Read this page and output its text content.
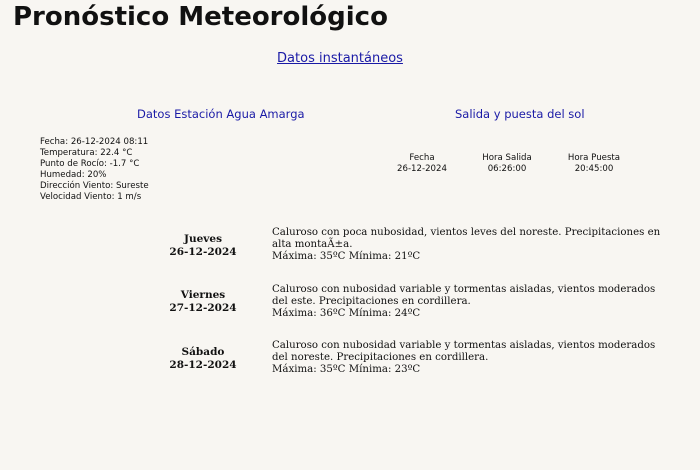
Pronóstico Meteorológico
Datos instantáneos
Datos Estación Agua Amarga	Salida y puesta del sol
Fecha: 26-12-2024 08:11
Temperatura: 22.4 °C
Punto de Rocío: -1.7 °C
Humedad: 20%
Dirección Viento: Sureste
Velocidad Viento: 1 m/s
Fecha
26-12-2024
Hora Salida
06:26:00
Hora Puesta
20:45:00
Jueves
26-12-2024
Caluroso con poca nubosidad, vientos leves del noreste. Precipitaciones en alta montaÃ±a.
Máxima: 35ºC Mínima: 21ºC
Viernes
27-12-2024
Caluroso con nubosidad variable y tormentas aisladas, vientos moderados del este. Precipitaciones en cordillera.
Máxima: 36ºC Mínima: 24ºC
Sábado
28-12-2024
Caluroso con nubosidad variable y tormentas aisladas, vientos moderados del noreste. Precipitaciones en cordillera.
Máxima: 35ºC Mínima: 23ºC
